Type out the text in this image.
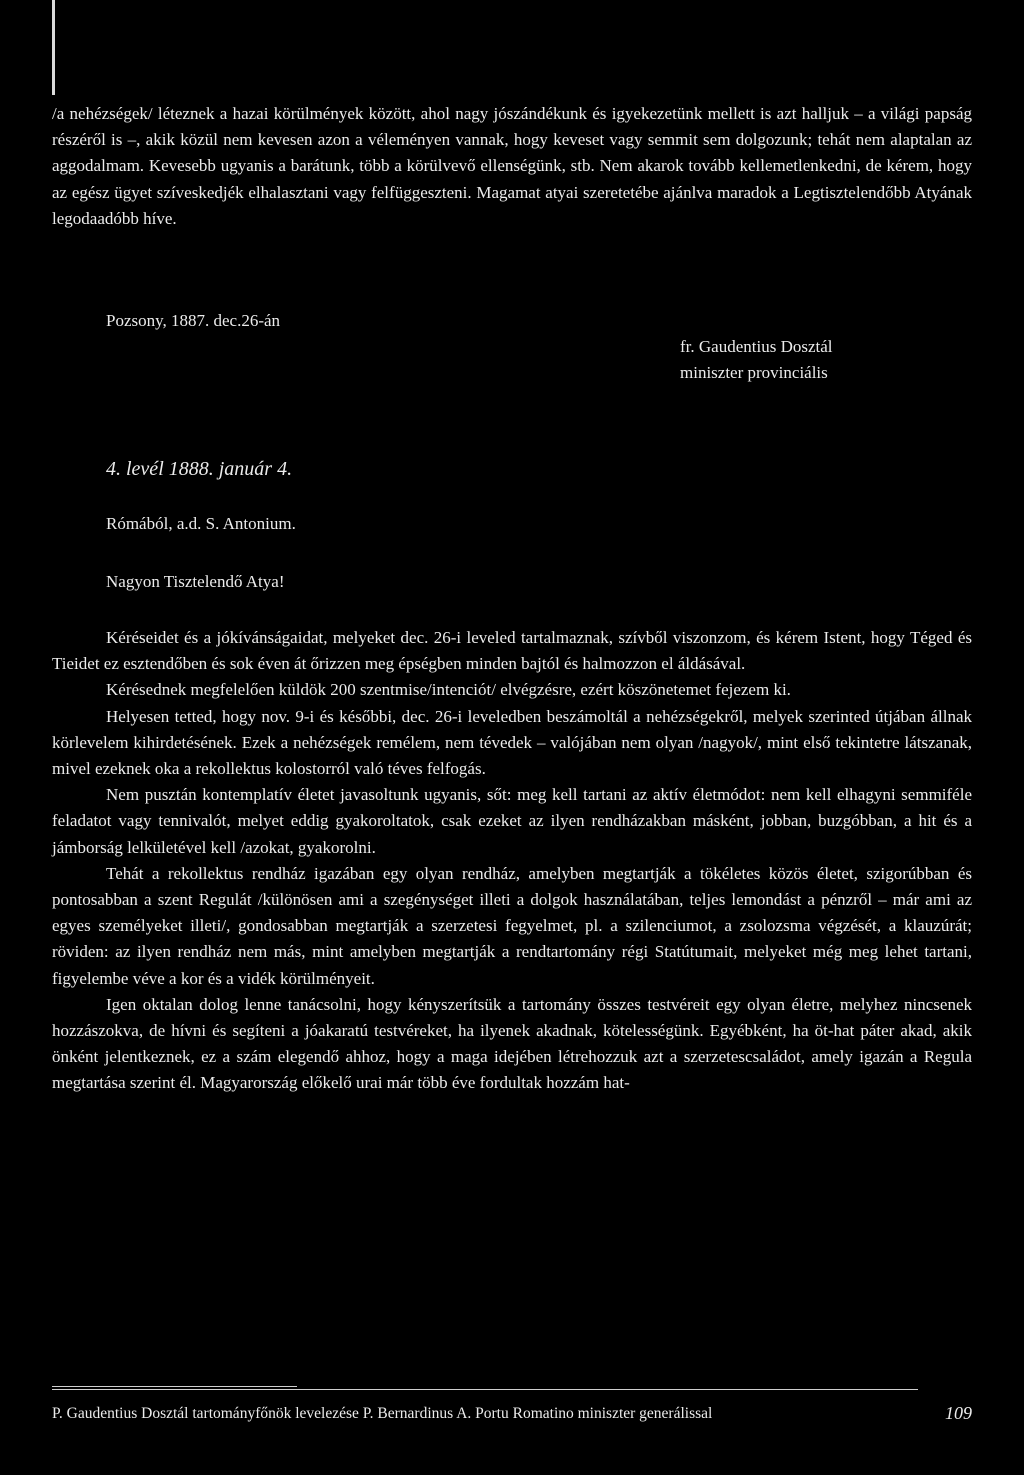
/a nehézségek/ léteznek a hazai körülmények között, ahol nagy jószándékunk és igyekezetünk mellett is azt halljuk – a világi papság részéről is –, akik közül nem kevesen azon a véleményen vannak, hogy keveset vagy semmit sem dolgozunk; tehát nem alaptalan az aggodalmam. Kevesebb ugyanis a barátunk, több a körülvevő ellenségünk, stb. Nem akarok tovább kellemetlenkedni, de kérem, hogy az egész ügyet szíveskedjék elhalasztani vagy felfüggeszteni. Magamat atyai szeretetébe ajánlva maradok a Legtisztelendőbb Atyának legodaadóbb híve.

Pozsony, 1887. dec.26-án
fr. Gaudentius Dosztál
miniszter provinciális
4. levél 1888. január 4.
Rómából, a.d. S. Antonium.
Nagyon Tisztelendő Atya!

Kéréseidet és a jókívánságaidat, melyeket dec. 26-i leveled tartalmaznak, szívből viszonzom, és kérem Istent, hogy Téged és Tieidet ez esztendőben és sok éven át őrizzen meg épségben minden bajtól és halmozzon el áldásával.

Kérésednek megfelelően küldök 200 szentmise/intenciót/ elvégzésre, ezért köszönetemet fejezem ki.

Helyesen tetted, hogy nov. 9-i és későbbi, dec. 26-i leveledben beszámoltál a nehézségekről, melyek szerinted útjában állnak körlevelem kihirdetésének. Ezek a nehézségek remélem, nem tévedek – valójában nem olyan /nagyok/, mint első tekintetre látszanak, mivel ezeknek oka a rekollektus kolostorról való téves felfogás.

Nem pusztán kontemplatív életet javasoltunk ugyanis, sőt: meg kell tartani az aktív életmódot: nem kell elhagyni semmiféle feladatot vagy tennivalót, melyet eddig gyakoroltatok, csak ezeket az ilyen rendházakban másként, jobban, buzgóbban, a hit és a jámborság lelkületével kell /azokat, gyakorolni.

Tehát a rekollektus rendház igazában egy olyan rendház, amelyben megtartják a tökéletes közös életet, szigorúbban és pontosabban a szent Regulát /különösen ami a szegénységet illeti a dolgok használatában, teljes lemondást a pénzről – már ami az egyes személyeket illeti/, gondosabban megtartják a szerzetesi fegyelmet, pl. a szilenciumot, a zsolozsma végzését, a klauzúrát; röviden: az ilyen rendház nem más, mint amelyben megtartják a rendtartomány régi Statútumait, melyeket még meg lehet tartani, figyelembe véve a kor és a vidék körülményeit.

Igen oktalan dolog lenne tanácsolni, hogy kényszerítsük a tartomány összes testvéreit egy olyan életre, melyhez nincsenek hozzászokva, de hívni és segíteni a jóakaratú testvéreket, ha ilyenek akadnak, kötelességünk. Egyébként, ha öt-hat páter akad, akik önként jelentkeznek, ez a szám elegendő ahhoz, hogy a maga idejében létrehozzuk azt a szerzetescsaládot, amely igazán a Regula megtartása szerint él. Magyarország előkelő urai már több éve fordultak hozzám hat-

P. Gaudentius Dosztál tartományfőnök levelezése P. Bernardinus A. Portu Romatino miniszter generálissal	109
